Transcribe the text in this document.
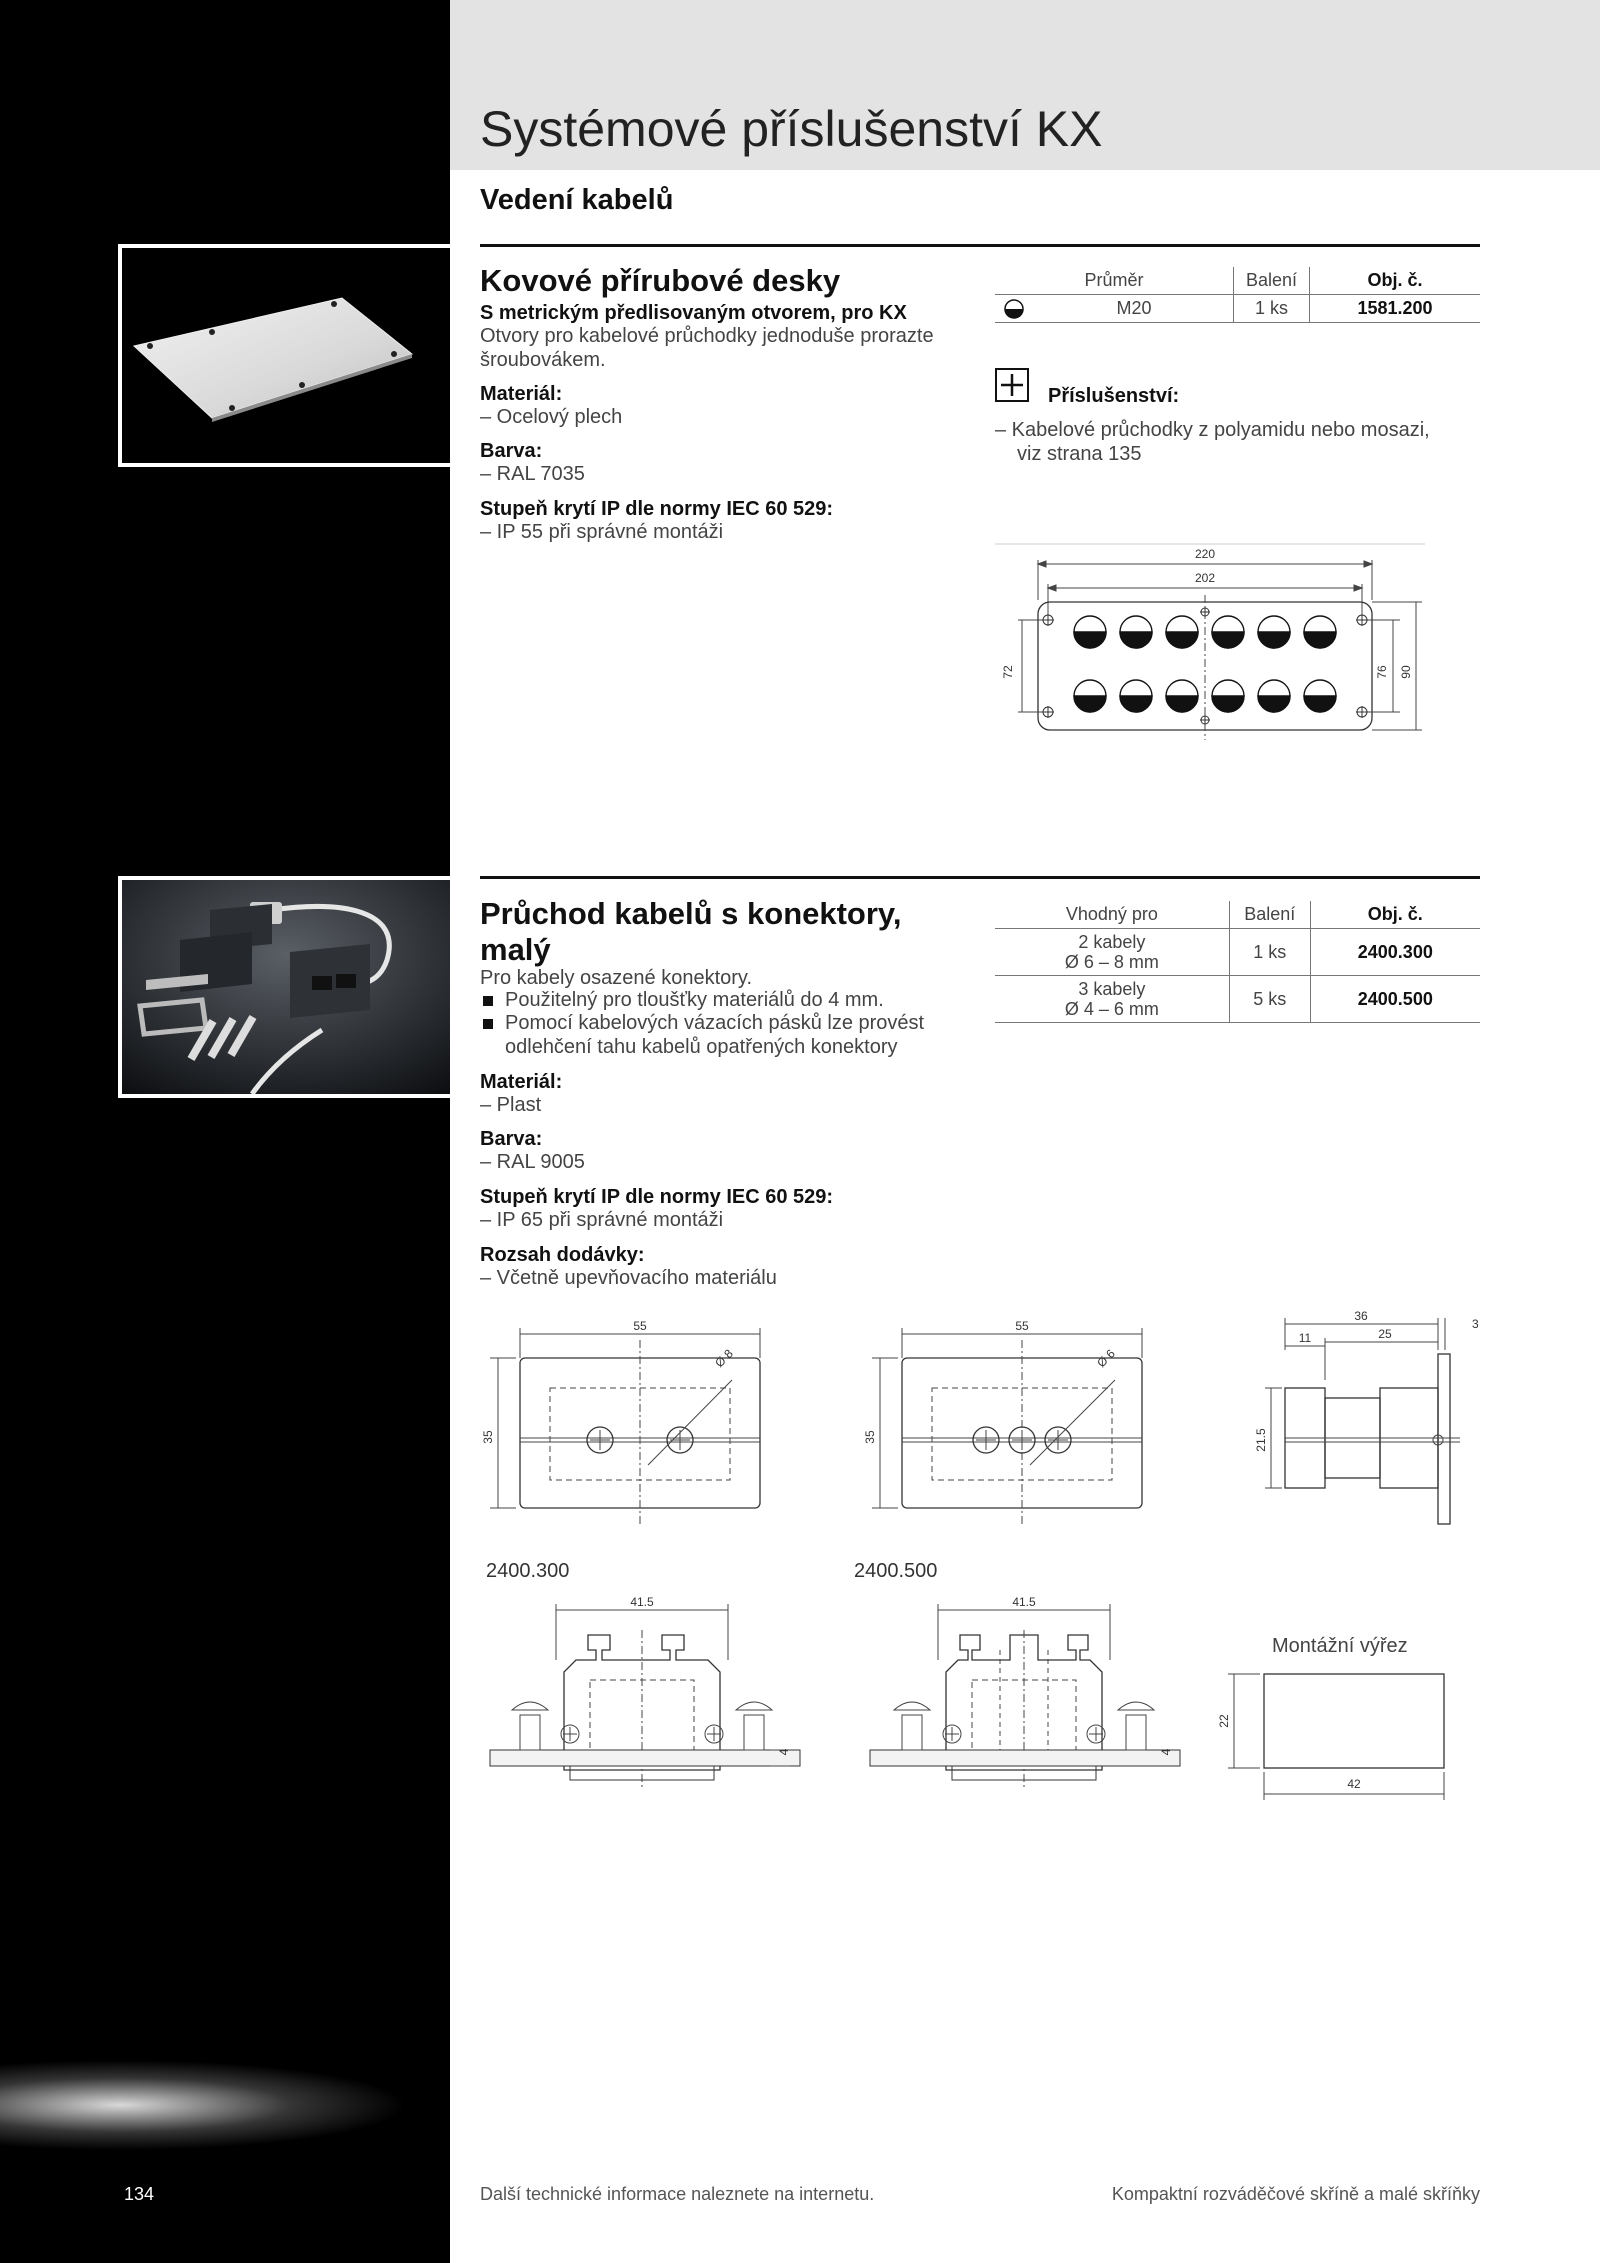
Systémové příslušenství KX
Vedení kabelů
Kovové přírubové desky
S metrickým předlisovaným otvorem, pro KX
Otvory pro kabelové průchodky jednoduše prorazte
šroubovákem.
Materiál:
– Ocelový plech
Barva:
– RAL 7035
Stupeň krytí IP dle normy IEC 60 529:
– IP 55 při správné montáži
Průměr		Balení	Obj. č.

	M20	1 ks	1581.200
Příslušenství:
– Kabelové průchodky z polyamidu nebo mosazi,
viz strana 135
220
202
72	76 90
Průchod kabelů s konektory,
malý
Pro kabely osazené konektory.
Použitelný pro tloušťky materiálů do 4 mm.
Pomocí kabelových vázacích pásků lze provést
odlehčení tahu kabelů opatřených konektory
Materiál:
– Plast
Barva:
– RAL 9005
Stupeň krytí IP dle normy IEC 60 529:
– IP 65 při správné montáži
Rozsah dodávky:
– Včetně upevňovacího materiálu
Vhodný pro	Balení	Obj. č.

2 kabely
Ø 6 – 8 mm	1 ks	2400.300

3 kabely
Ø 4 – 6 mm	5 ks	2400.500
55
Ø 8
35
55
Ø 6
35
36
3
11	25
21.5
2400.300	2400.500
41.5
4
41.5
4
Montážní výřez
22
42
134	Další technické informace naleznete na internetu.	Kompaktní rozváděčové skříně a malé skříňky
